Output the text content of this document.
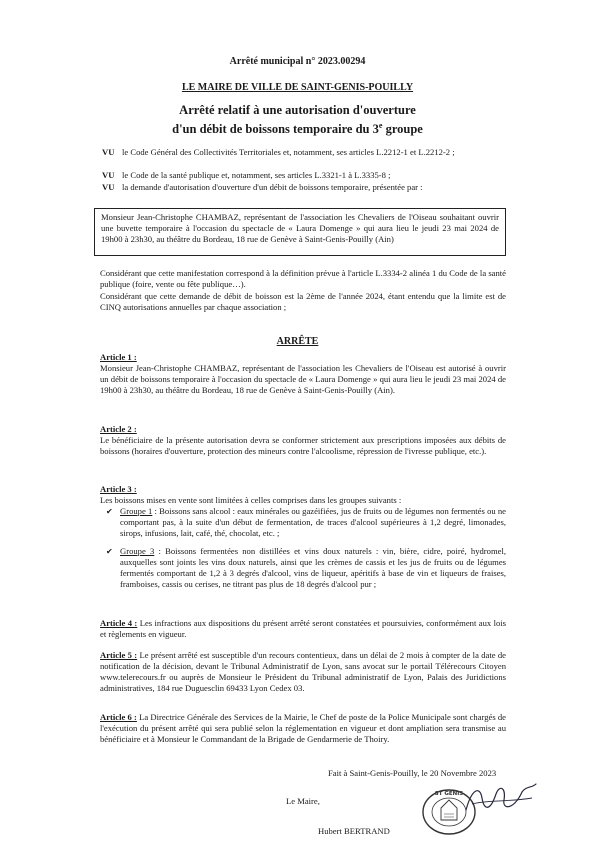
Arrêté municipal n° 2023.00294
LE MAIRE DE VILLE DE SAINT-GENIS-POUILLY
Arrêté relatif à une autorisation d'ouverture
d'un débit de boissons temporaire du 3e groupe
VU le Code Général des Collectivités Territoriales et, notamment, ses articles L.2212-1 et L.2212-2 ;
VU le Code de la santé publique et, notamment, ses articles L.3321-1 à L.3335-8 ;
VU la demande d'autorisation d'ouverture d'un débit de boissons temporaire, présentée par :
Monsieur Jean-Christophe CHAMBAZ, représentant de l'association les Chevaliers de l'Oiseau souhaitant ouvrir une buvette temporaire à l'occasion du spectacle de « Laura Domenge » qui aura lieu le jeudi 23 mai 2024 de 19h00 à 23h30, au théâtre du Bordeau, 18 rue de Genève à Saint-Genis-Pouilly (Ain)
Considérant que cette manifestation correspond à la définition prévue à l'article L.3334-2 alinéa 1 du Code de la santé publique (foire, vente ou fête publique…).
Considérant que cette demande de débit de boisson est la 2ème de l'année 2024, étant entendu que la limite est de CINQ autorisations annuelles par chaque association ;
ARRÊTE
Article 1 :
Monsieur Jean-Christophe CHAMBAZ, représentant de l'association les Chevaliers de l'Oiseau est autorisé à ouvrir un débit de boissons temporaire à l'occasion du spectacle de « Laura Domenge » qui aura lieu le jeudi 23 mai 2024 de 19h00 à 23h30, au théâtre du Bordeau, 18 rue de Genève à Saint-Genis-Pouilly (Ain).
Article 2 :
Le bénéficiaire de la présente autorisation devra se conformer strictement aux prescriptions imposées aux débits de boissons (horaires d'ouverture, protection des mineurs contre l'alcoolisme, répression de l'ivresse publique, etc.).
Article 3 :
Les boissons mises en vente sont limitées à celles comprises dans les groupes suivants :
✔ Groupe 1 : Boissons sans alcool : eaux minérales ou gazéifiées, jus de fruits ou de légumes non fermentés ou ne comportant pas, à la suite d'un début de fermentation, de traces d'alcool supérieures à 1,2 degré, limonades, sirops, infusions, lait, café, thé, chocolat, etc. ;
✔ Groupe 3 : Boissons fermentées non distillées et vins doux naturels : vin, bière, cidre, poiré, hydromel, auxquelles sont joints les vins doux naturels, ainsi que les crèmes de cassis et les jus de fruits ou de légumes fermentés comportant de 1,2 à 3 degrés d'alcool, vins de liqueur, apéritifs à base de vin et liqueurs de fraises, framboises, cassis ou cerises, ne titrant pas plus de 18 degrés d'alcool pur ;
Article 4 : Les infractions aux dispositions du présent arrêté seront constatées et poursuivies, conformément aux lois et règlements en vigueur.
Article 5 : Le présent arrêté est susceptible d'un recours contentieux, dans un délai de 2 mois à compter de la date de notification de la décision, devant le Tribunal Administratif de Lyon, sans avocat sur le portail Télérecours Citoyen www.telerecours.fr ou auprès de Monsieur le Président du Tribunal administratif de Lyon, Palais des Juridictions administratives, 184 rue Duguesclin 69433 Lyon Cedex 03.
Article 6 : La Directrice Générale des Services de la Mairie, le Chef de poste de la Police Municipale sont chargés de l'exécution du présent arrêté qui sera publié selon la réglementation en vigueur et dont ampliation sera transmise au bénéficiaire et à Monsieur le Commandant de la Brigade de Gendarmerie de Thoiry.
Fait à Saint-Genis-Pouilly, le 20 Novembre 2023
Le Maire,
Hubert BERTRAND
ST GENIS
